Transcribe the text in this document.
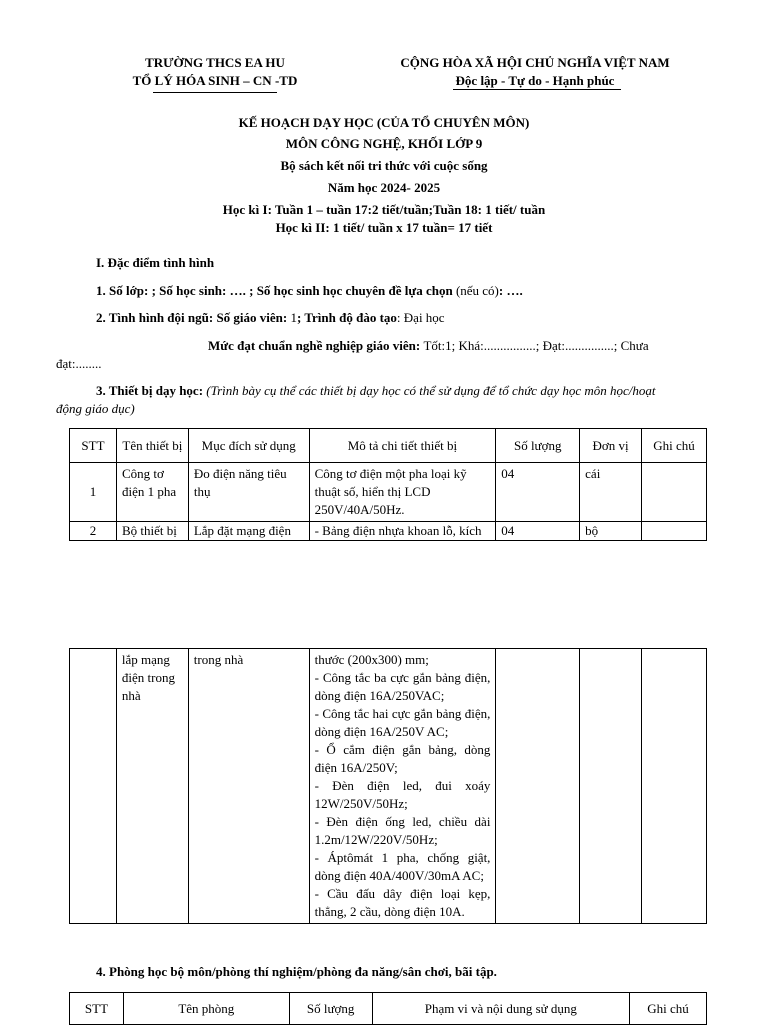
TRƯỜNG THCS EA HU
TỔ LÝ HÓA SINH – CN -TD
CỘNG HÒA XÃ HỘI CHỦ NGHĨA VIỆT NAM
Độc lập - Tự do - Hạnh phúc
KẾ HOẠCH DẠY HỌC (CỦA TỔ CHUYÊN MÔN)
MÔN CÔNG NGHỆ, KHỐI LỚP 9
Bộ sách kết nối tri thức với cuộc sống
Năm học 2024- 2025
Học kì I: Tuần 1 – tuần 17:2 tiết/tuần;Tuần 18: 1 tiết/ tuần
Học kì II: 1 tiết/ tuần x 17 tuần= 17 tiết
I. Đặc điểm tình hình
1. Số lớp: ; Số học sinh: …. ; Số học sinh học chuyên đề lựa chọn (nếu có): ….
2. Tình hình đội ngũ: Số giáo viên: 1; Trình độ đào tạo: Đại học
Mức đạt chuẩn nghề nghiệp giáo viên: Tốt:1; Khá:................; Đạt:...............; Chưa
đạt:........
3. Thiết bị dạy học: (Trình bày cụ thể các thiết bị dạy học có thể sử dụng để tổ chức dạy học môn học/hoạt
động giáo dục)
STT	Tên thiết bị	Mục đích sử dụng	Mô tả chi tiết thiết bị	Số lượng	Đơn vị	Ghi chú
1	Công tơ điện 1 pha	Đo điện năng tiêu thụ	Công tơ điện một pha loại kỹ thuật số, hiển thị LCD 250V/40A/50Hz.	04	cái	
2	Bộ thiết bị	Lắp đặt mạng điện	- Bảng điện nhựa khoan lỗ, kích	04	bộ	
	lắp mạng điện trong nhà	trong nhà	thước (200x300) mm;
- Công tắc ba cực gắn bảng điện, dòng điện 16A/250VAC;
- Công tắc hai cực gắn bảng điện, dòng điện 16A/250V AC;
- Ổ cắm điện gắn bảng, dòng điện 16A/250V;
- Đèn điện led, đui xoáy 12W/250V/50Hz;
- Đèn điện ống led, chiều dài 1.2m/12W/220V/50Hz;
- Áptômát 1 pha, chống giật, dòng điện 40A/400V/30mA AC;
- Cầu đấu dây điện loại kẹp, thẳng, 2 cầu, dòng điện 10A.

4. Phòng học bộ môn/phòng thí nghiệm/phòng đa năng/sân chơi, bãi tập.
STT	Tên phòng	Số lượng	Phạm vi và nội dung sử dụng	Ghi chú
